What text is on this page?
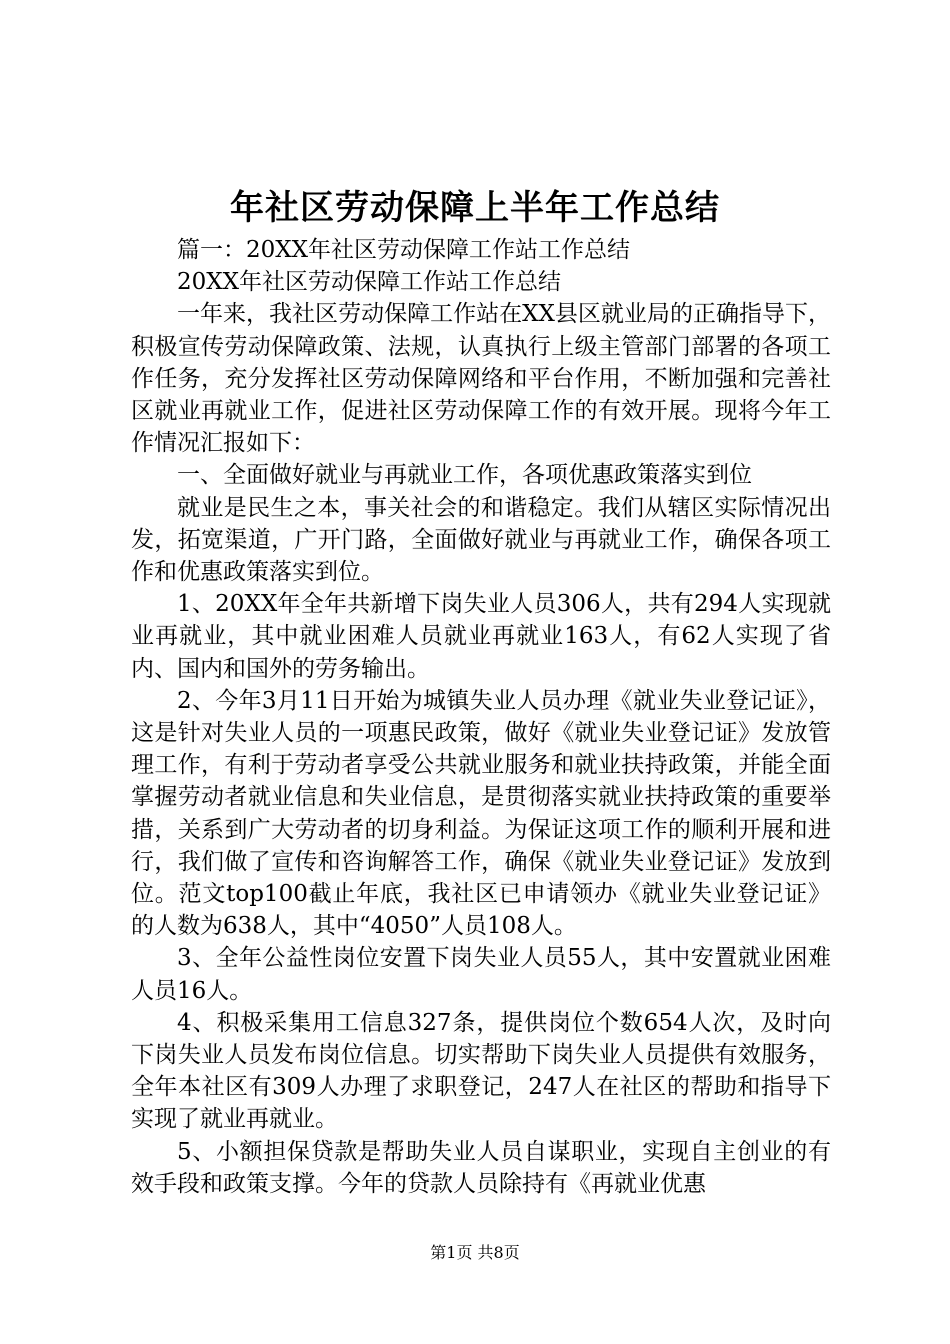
年社区劳动保障上半年工作总结

篇一：20XX年社区劳动保障工作站工作总结

20XX年社区劳动保障工作站工作总结

一年来，我社区劳动保障工作站在XX县区就业局的正确指导下，积极宣传劳动保障政策、法规，认真执行上级主管部门部署的各项工作任务，充分发挥社区劳动保障网络和平台作用，不断加强和完善社区就业再就业工作，促进社区劳动保障工作的有效开展。现将今年工作情况汇报如下：

一、全面做好就业与再就业工作，各项优惠政策落实到位

就业是民生之本，事关社会的和谐稳定。我们从辖区实际情况出发，拓宽渠道，广开门路，全面做好就业与再就业工作，确保各项工作和优惠政策落实到位。

1、20XX年全年共新增下岗失业人员306人，共有294人实现就业再就业，其中就业困难人员就业再就业163人，有62人实现了省内、国内和国外的劳务输出。

2、今年3月11日开始为城镇失业人员办理《就业失业登记证》，这是针对失业人员的一项惠民政策，做好《就业失业登记证》发放管理工作，有利于劳动者享受公共就业服务和就业扶持政策，并能全面掌握劳动者就业信息和失业信息，是贯彻落实就业扶持政策的重要举措，关系到广大劳动者的切身利益。为保证这项工作的顺利开展和进行，我们做了宣传和咨询解答工作，确保《就业失业登记证》发放到位。范文top100截止年底，我社区已申请领办《就业失业登记证》的人数为638人，其中“4050”人员108人。

3、全年公益性岗位安置下岗失业人员55人，其中安置就业困难人员16人。

4、积极采集用工信息327条，提供岗位个数654人次，及时向下岗失业人员发布岗位信息。切实帮助下岗失业人员提供有效服务，全年本社区有309人办理了求职登记，247人在社区的帮助和指导下实现了就业再就业。

5、小额担保贷款是帮助失业人员自谋职业，实现自主创业的有效手段和政策支撑。今年的贷款人员除持有《再就业优惠

第1页 共8页
